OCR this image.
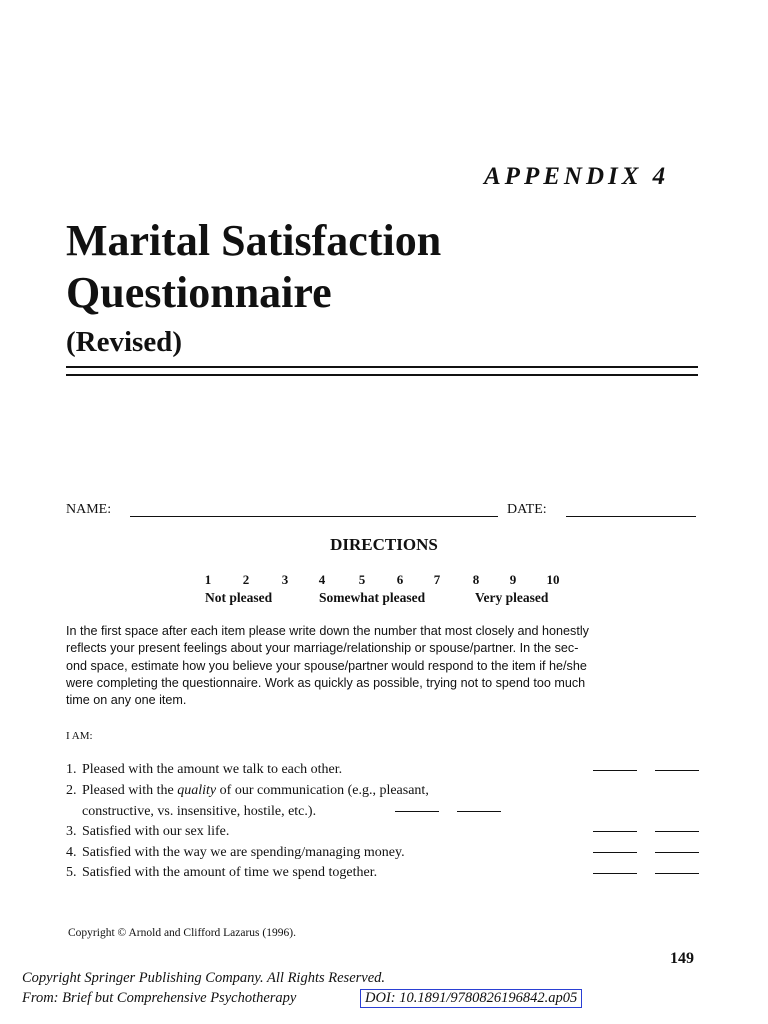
APPENDIX 4
Marital Satisfaction
Questionnaire
(Revised)
NAME:	DATE:
DIRECTIONS
1	2	3	4	5	6	7	8	9	10
Not pleased	Somewhat pleased	Very pleased
In the first space after each item please write down the number that most closely and honestly
reflects your present feelings about your marriage/relationship or spouse/partner. In the sec-
ond space, estimate how you believe your spouse/partner would respond to the item if he/she
were completing the questionnaire. Work as quickly as possible, trying not to spend too much
time on any one item.
I AM:
1. Pleased with the amount we talk to each other.
2. Pleased with the quality of our communication (e.g., pleasant,
constructive, vs. insensitive, hostile, etc.).
3. Satisfied with our sex life.
4. Satisfied with the way we are spending/managing money.
5. Satisfied with the amount of time we spend together.
Copyright © Arnold and Clifford Lazarus (1996).
149
Copyright Springer Publishing Company. All Rights Reserved.
From: Brief but Comprehensive Psychotherapy	DOI: 10.1891/9780826196842.ap05
